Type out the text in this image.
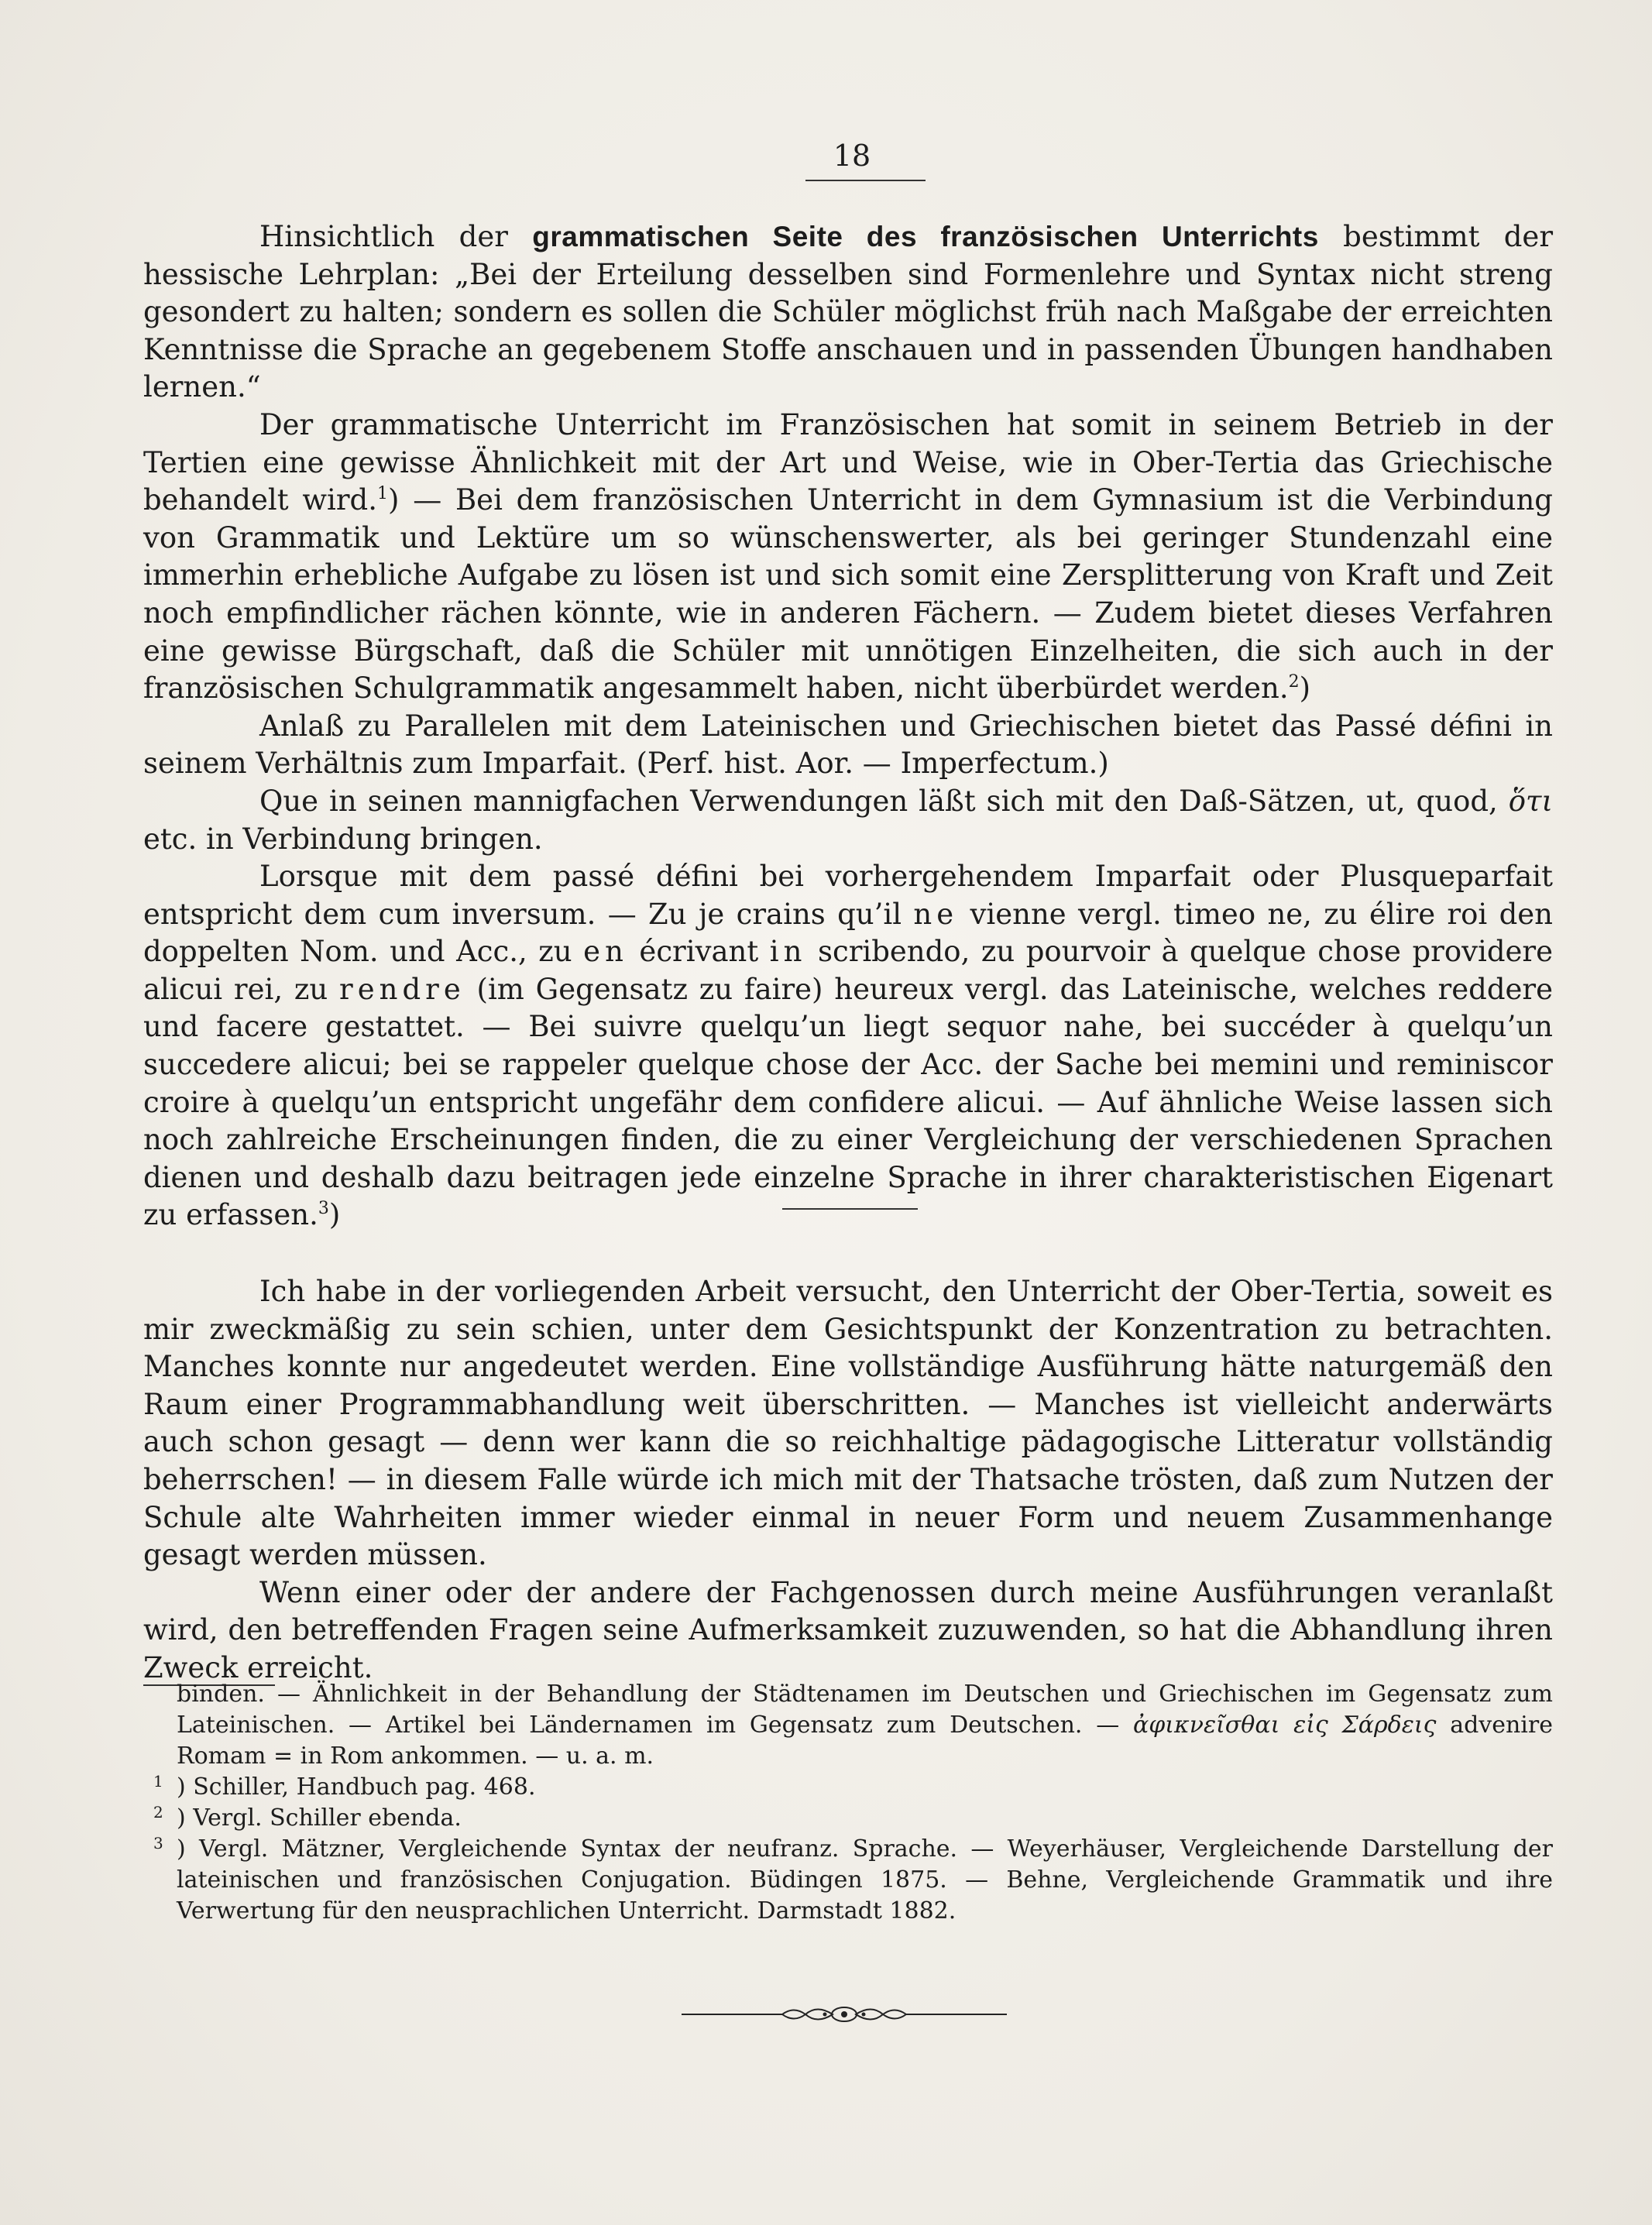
18

Hinsichtlich der grammatischen Seite des französischen Unterrichts bestimmt der hessische Lehrplan: „Bei der Erteilung desselben sind Formenlehre und Syntax nicht streng gesondert zu halten; sondern es sollen die Schüler möglichst früh nach Maßgabe der erreichten Kenntnisse die Sprache an gegebenem Stoffe anschauen und in passenden Übungen handhaben lernen.“

Der grammatische Unterricht im Französischen hat somit in seinem Betrieb in der Tertien eine gewisse Ähnlichkeit mit der Art und Weise, wie in Ober-Tertia das Griechische behandelt wird.$^1$) — Bei dem französischen Unterricht in dem Gymnasium ist die Verbindung von Grammatik und Lektüre um so wünschenswerter, als bei geringer Stundenzahl eine immerhin erhebliche Aufgabe zu lösen ist und sich somit eine Zersplitterung von Kraft und Zeit noch empfindlicher rächen könnte, wie in anderen Fächern. — Zudem bietet dieses Verfahren eine gewisse Bürgschaft, daß die Schüler mit unnötigen Einzelheiten, die sich auch in der französischen Schulgrammatik angesammelt haben, nicht überbürdet werden.$^2$)

Anlaß zu Parallelen mit dem Lateinischen und Griechischen bietet das Passé défini in seinem Verhältnis zum Imparfait. (Perf. hist. Aor. — Imperfectum.)

Que in seinen mannigfachen Verwendungen läßt sich mit den Daß-Sätzen, ut, quod, ὅτι etc. in Verbindung bringen.

Lorsque mit dem passé défini bei vorhergehendem Imparfait oder Plusqueparfait entspricht dem cum inversum. — Zu je crains qu’il ne vienne vergl. timeo ne, zu élire roi den doppelten Nom. und Acc., zu en écrivant in scribendo, zu pourvoir à quelque chose providere alicui rei, zu rendre (im Gegensatz zu faire) heureux vergl. das Lateinische, welches reddere und facere gestattet. — Bei suivre quelqu’un liegt sequor nahe, bei succéder à quelqu’un succedere alicui; bei se rappeler quelque chose der Acc. der Sache bei memini und reminiscor croire à quelqu’un entspricht ungefähr dem confidere alicui. — Auf ähnliche Weise lassen sich noch zahlreiche Erscheinungen finden, die zu einer Vergleichung der verschiedenen Sprachen dienen und deshalb dazu beitragen jede einzelne Sprache in ihrer charakteristischen Eigenart zu erfassen.$^3$)

Ich habe in der vorliegenden Arbeit versucht, den Unterricht der Ober-Tertia, soweit es mir zweckmäßig zu sein schien, unter dem Gesichtspunkt der Konzentration zu betrachten. Manches konnte nur angedeutet werden. Eine vollständige Ausführung hätte naturgemäß den Raum einer Programmabhandlung weit überschritten. — Manches ist vielleicht anderwärts auch schon gesagt — denn wer kann die so reichhaltige pädagogische Litteratur vollständig beherrschen! — in diesem Falle würde ich mich mit der Thatsache trösten, daß zum Nutzen der Schule alte Wahrheiten immer wieder einmal in neuer Form und neuem Zusammenhange gesagt werden müssen.

Wenn einer oder der andere der Fachgenossen durch meine Ausführungen veranlaßt wird, den betreffenden Fragen seine Aufmerksamkeit zuzuwenden, so hat die Abhandlung ihren Zweck erreicht.

binden. — Ähnlichkeit in der Behandlung der Städtenamen im Deutschen und Griechischen im Gegensatz zum Lateinischen. — Artikel bei Ländernamen im Gegensatz zum Deutschen. — ἀφικνεῖσθαι εἰς Σάρδεις advenire Romam = in Rom ankommen. — u. a. m.

1 ) Schiller, Handbuch pag. 468.

2 ) Vergl. Schiller ebenda.

3 ) Vergl. Mätzner, Vergleichende Syntax der neufranz. Sprache. — Weyerhäuser, Vergleichende Darstellung der lateinischen und französischen Conjugation. Büdingen 1875. — Behne, Vergleichende Grammatik und ihre Verwertung für den neusprachlichen Unterricht. Darmstadt 1882.
